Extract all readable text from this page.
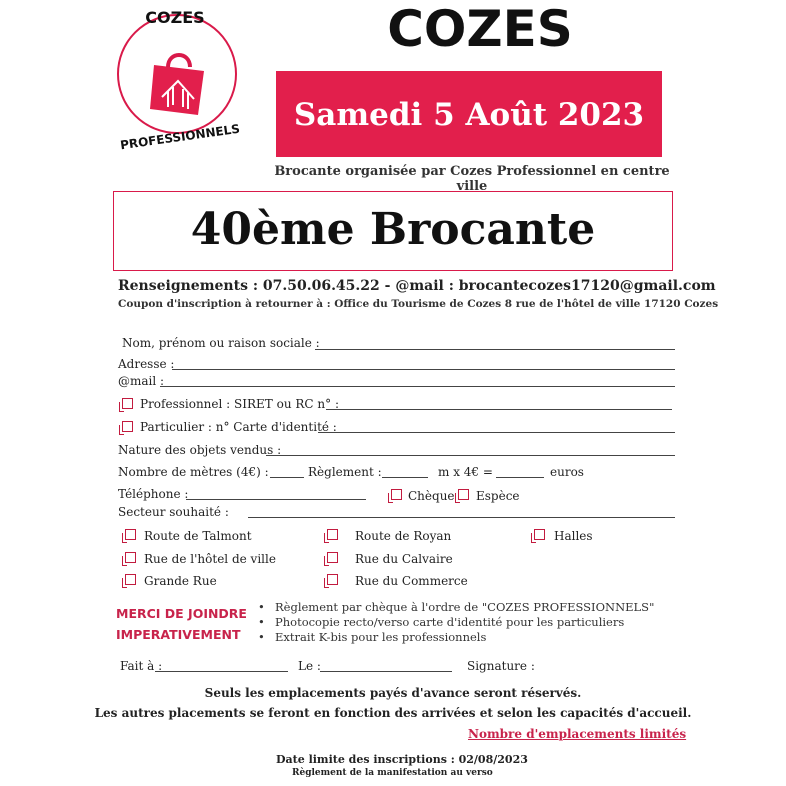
COZES
PROFESSIONNELS
COZES
Samedi 5 Août 2023
Brocante organisée par Cozes Professionnel en centre ville
40ème Brocante
Renseignements : 07.50.06.45.22 - @mail : brocantecozes17120@gmail.com
Coupon d'inscription à retourner à : Office du Tourisme de Cozes 8 rue de l'hôtel de ville 17120 Cozes
Nom, prénom ou raison sociale :
Adresse :
@mail :
Professionnel : SIRET ou RC n° :
Particulier : n° Carte d'identité :
Nature des objets vendus :
Nombre de mètres (4€) :	Règlement :	m x 4€ =	euros
Téléphone :	Chèque Espèce
Secteur souhaité :
Route de Talmont	Route de Royan	Halles
Rue de l'hôtel de ville	Rue du Calvaire
Grande Rue	Rue du Commerce
MERCI DE JOINDRE
IMPERATIVEMENT
• Règlement par chèque à l'ordre de "COZES PROFESSIONNELS"
• Photocopie recto/verso carte d'identité pour les particuliers
• Extrait K-bis pour les professionnels
Fait à :	Le :	Signature :
Seuls les emplacements payés d'avance seront réservés.
Les autres placements se feront en fonction des arrivées et selon les capacités d'accueil.
Nombre d'emplacements limités
Date limite des inscriptions : 02/08/2023
Règlement de la manifestation au verso
